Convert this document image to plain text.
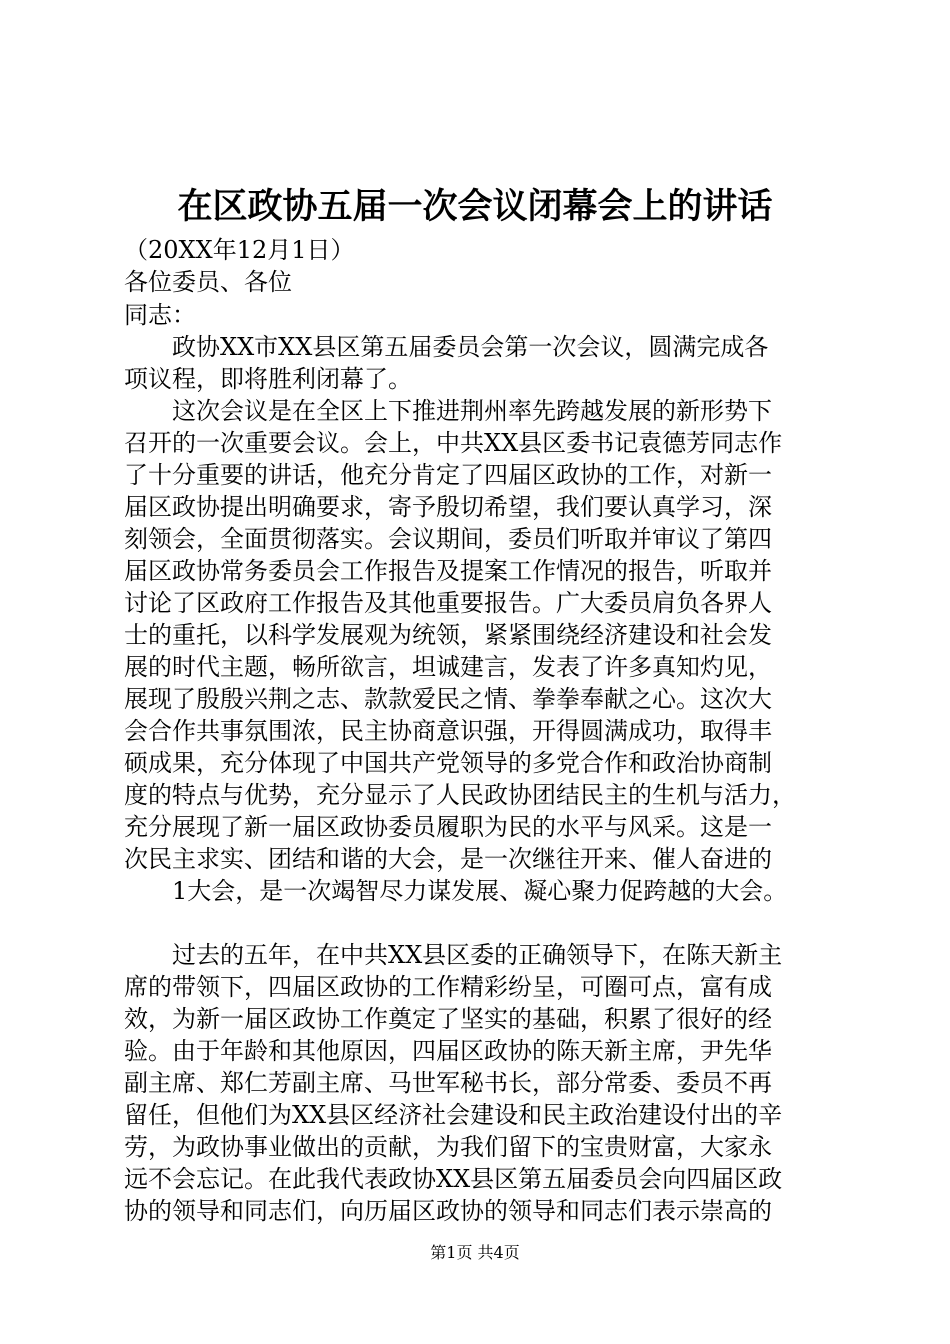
在区政协五届一次会议闭幕会上的讲话
（20XX年12月1日）
各位委员、各位
同志：
　　政协XX市XX县区第五届委员会第一次会议，圆满完成各
项议程，即将胜利闭幕了。
　　这次会议是在全区上下推进荆州率先跨越发展的新形势下
召开的一次重要会议。会上，中共XX县区委书记袁德芳同志作
了十分重要的讲话，他充分肯定了四届区政协的工作，对新一
届区政协提出明确要求，寄予殷切希望，我们要认真学习，深
刻领会，全面贯彻落实。会议期间，委员们听取并审议了第四
届区政协常务委员会工作报告及提案工作情况的报告，听取并
讨论了区政府工作报告及其他重要报告。广大委员肩负各界人
士的重托，以科学发展观为统领，紧紧围绕经济建设和社会发
展的时代主题，畅所欲言，坦诚建言，发表了许多真知灼见，
展现了殷殷兴荆之志、款款爱民之情、拳拳奉献之心。这次大
会合作共事氛围浓，民主协商意识强，开得圆满成功，取得丰
硕成果，充分体现了中国共产党领导的多党合作和政治协商制
度的特点与优势，充分显示了人民政协团结民主的生机与活力，
充分展现了新一届区政协委员履职为民的水平与风采。这是一
次民主求实、团结和谐的大会，是一次继往开来、催人奋进的
　　1大会，是一次竭智尽力谋发展、凝心聚力促跨越的大会。
　　过去的五年，在中共XX县区委的正确领导下，在陈天新主
席的带领下，四届区政协的工作精彩纷呈，可圈可点，富有成
效，为新一届区政协工作奠定了坚实的基础，积累了很好的经
验。由于年龄和其他原因，四届区政协的陈天新主席，尹先华
副主席、郑仁芳副主席、马世军秘书长，部分常委、委员不再
留任，但他们为XX县区经济社会建设和民主政治建设付出的辛
劳，为政协事业做出的贡献，为我们留下的宝贵财富，大家永
远不会忘记。在此我代表政协XX县区第五届委员会向四届区政
协的领导和同志们，向历届区政协的领导和同志们表示崇高的
第1页 共4页
